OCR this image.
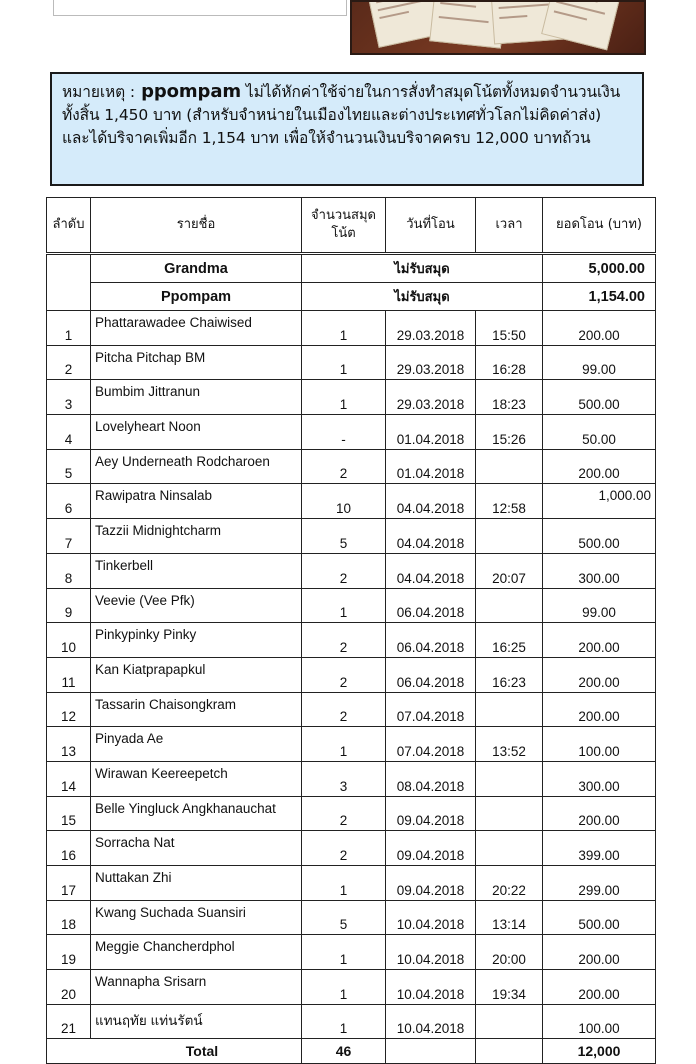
หมายเหตุ : ppompam ไม่ได้หักค่าใช้จ่ายในการสั่งทำสมุดโน้ตทั้งหมดจำนวนเงินทั้งสิ้น 1,450 บาท (สำหรับจำหน่ายในเมืองไทยและต่างประเทศทั่วโลกไม่คิดค่าส่ง) และได้บริจาคเพิ่มอีก 1,154 บาท เพื่อให้จำนวนเงินบริจาคครบ 12,000 บาทถ้วน
ลำดับ	รายชื่อ	จำนวนสมุดโน้ต	วันที่โอน	เวลา	ยอดโอน (บาท)
	Grandma	ไม่รับสมุด			5,000.00
	Ppompam	ไม่รับสมุด			1,154.00
1	Phattarawadee Chaiwised	1	29.03.2018	15:50	200.00
2	Pitcha Pitchap BM	1	29.03.2018	16:28	99.00
3	Bumbim Jittranun	1	29.03.2018	18:23	500.00
4	Lovelyheart Noon	-	01.04.2018	15:26	50.00
5	Aey Underneath Rodcharoen	2	01.04.2018		200.00
6	Rawipatra Ninsalab	10	04.04.2018	12:58	1,000.00
7	Tazzii Midnightcharm	5	04.04.2018		500.00
8	Tinkerbell	2	04.04.2018	20:07	300.00
9	Veevie (Vee Pfk)	1	06.04.2018		99.00
10	Pinkypinky Pinky	2	06.04.2018	16:25	200.00
11	Kan Kiatprapapkul	2	06.04.2018	16:23	200.00
12	Tassarin Chaisongkram	2	07.04.2018		200.00
13	Pinyada Ae	1	07.04.2018	13:52	100.00
14	Wirawan Keereepetch	3	08.04.2018		300.00
15	Belle Yingluck Angkhanauchat	2	09.04.2018		200.00
16	Sorracha Nat	2	09.04.2018		399.00
17	Nuttakan Zhi	1	09.04.2018	20:22	299.00
18	Kwang Suchada Suansiri	5	10.04.2018	13:14	500.00
19	Meggie Chancherdphol	1	10.04.2018	20:00	200.00
20	Wannapha Srisarn	1	10.04.2018	19:34	200.00
21	แทนฤทัย แท่นรัตน์	1	10.04.2018		100.00
Total		46			12,000
